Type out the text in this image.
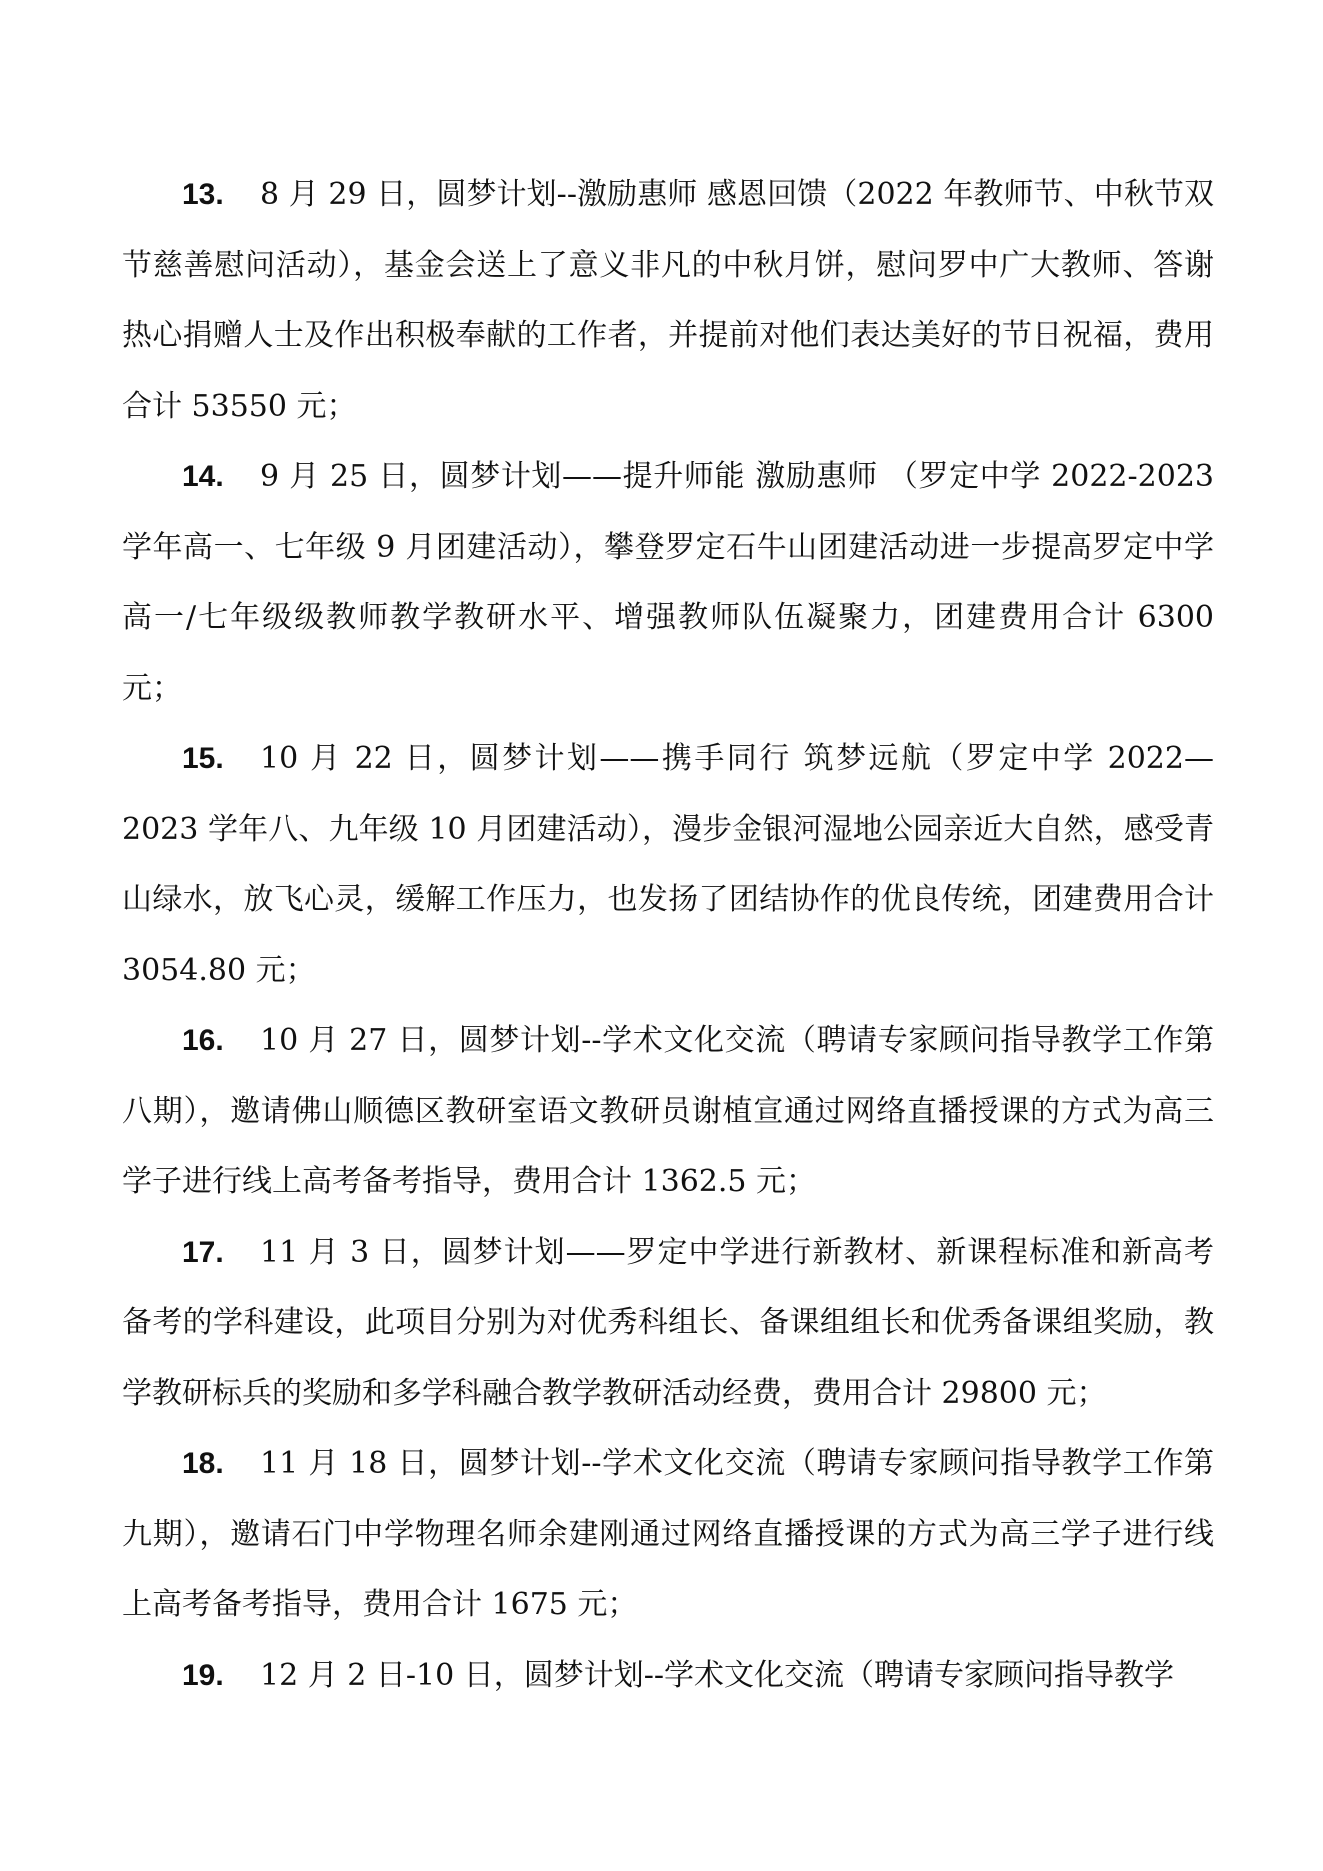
13. 8 月 29 日，圆梦计划--激励惠师 感恩回馈（2022 年教师节、中秋节双节慈善慰问活动），基金会送上了意义非凡的中秋月饼，慰问罗中广大教师、答谢热心捐赠人士及作出积极奉献的工作者，并提前对他们表达美好的节日祝福，费用合计 53550 元；

14. 9 月 25 日，圆梦计划——提升师能 激励惠师 （罗定中学 2022-2023 学年高一、七年级 9 月团建活动），攀登罗定石牛山团建活动进一步提高罗定中学高一/七年级级教师教学教研水平、增强教师队伍凝聚力，团建费用合计 6300 元；

15. 10 月 22 日，圆梦计划——携手同行 筑梦远航（罗定中学 2022—2023 学年八、九年级 10 月团建活动），漫步金银河湿地公园亲近大自然，感受青山绿水，放飞心灵，缓解工作压力，也发扬了团结协作的优良传统，团建费用合计 3054.80 元；

16. 10 月 27 日，圆梦计划--学术文化交流（聘请专家顾问指导教学工作第八期），邀请佛山顺德区教研室语文教研员谢植宣通过网络直播授课的方式为高三学子进行线上高考备考指导，费用合计 1362.5 元；

17. 11 月 3 日，圆梦计划——罗定中学进行新教材、新课程标准和新高考备考的学科建设，此项目分别为对优秀科组长、备课组组长和优秀备课组奖励，教学教研标兵的奖励和多学科融合教学教研活动经费，费用合计 29800 元；

18. 11 月 18 日，圆梦计划--学术文化交流（聘请专家顾问指导教学工作第九期），邀请石门中学物理名师余建刚通过网络直播授课的方式为高三学子进行线上高考备考指导，费用合计 1675 元；

19. 12 月 2 日-10 日，圆梦计划--学术文化交流（聘请专家顾问指导教学
